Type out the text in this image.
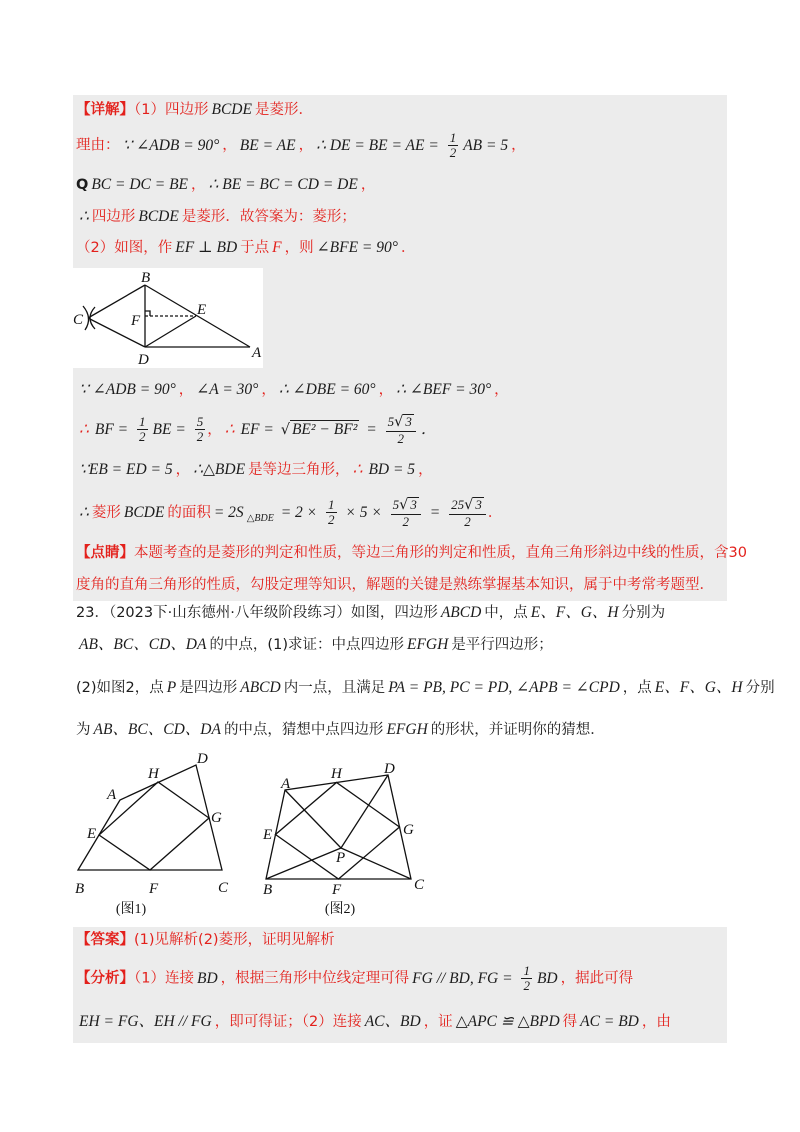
【详解】（1）四边形 BCDE 是菱形．
理由： ∵ ∠ADB = 90° ， BE = AE ， ∴ DE = BE = AE = $\frac{1}{2}$ AB = 5 ，
Q BC = DC = BE ， ∴ BE = BC = CD = DE ，
∴ 四边形 BCDE 是菱形．故答案为：菱形；
（2）如图，作 EF ⊥ BD 于点 F ，则 ∠BFE = 90° ．
B
C	F
E
D	A
∵ ∠ADB = 90° ， ∠A = 30° ， ∴ ∠DBE = 60° ， ∴ ∠BEF = 30° ，
∴ BF = $\frac{1}{2}$ BE = $\frac{5}{2}$ ， ∴ EF = √ $BE^2 - BF^2 = \frac{5√ 3}{2}$ ．
∵EB = ED = 5 ， ∴△BDE 是等边三角形， ∴ BD = 5 ，
∴ 菱形 BCDE 的面积 = 2S $_{\triangle BDE} = 2 \times \frac{1}{2} \times 5 \times \frac{5√ 3}{2} = \frac{25√ 3}{2}$ ．
【点睛】本题考查的是菱形的判定和性质，等边三角形的判定和性质，直角三角形斜边中线的性质，含30
度角的直角三角形的性质，勾股定理等知识，解题的关键是熟练掌握基本知识，属于中考常考题型．
23．（2023下·山东德州·八年级阶段练习）如图，四边形 ABCD 中，点 E、F、G、H 分别为
AB、BC、CD、DA 的中点，(1)求证：中点四边形 EFGH 是平行四边形；
(2)如图2，点 P 是四边形 ABCD 内一点，且满足 PA = PB, PC = PD, ∠APB = ∠CPD ，点 E、F、G、H 分别
为 AB、BC、CD、DA 的中点，猜想中点四边形 EFGH 的形状，并证明你的猜想．
A
B	C
D
E
F
G
H
(图1)
A
B	C
D
E
F
G
H
P
(图2)
【答案】(1)见解析(2)菱形，证明见解析
【分析】（1）连接 BD ，根据三角形中位线定理可得 FG // BD, FG = $\frac{1}{2}$ BD ，据此可得
EH = FG、EH // FG ，即可得证；（2）连接 AC、BD ，证 △APC ≌ △BPD 得 AC = BD ，由
